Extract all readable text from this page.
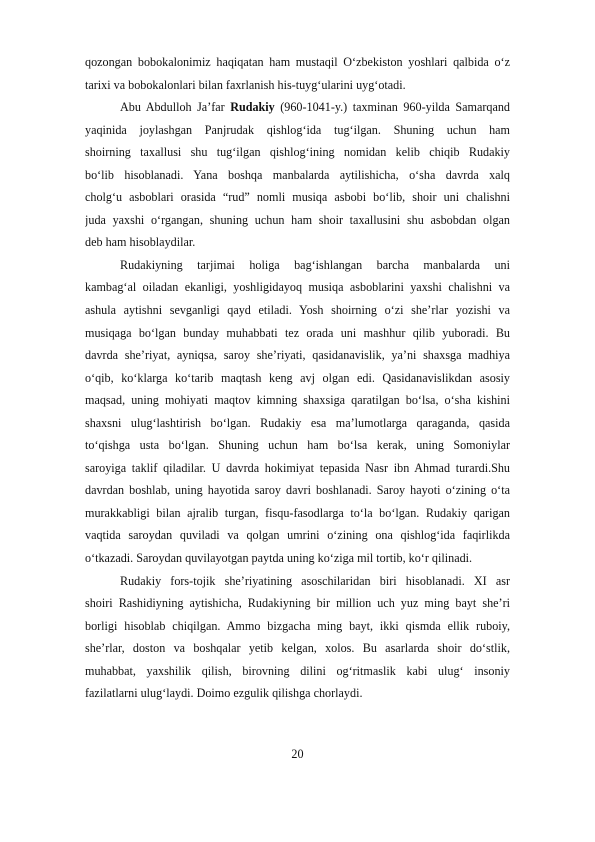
qozongan bobokalonimiz haqiqatan ham mustaqil O‘zbekiston yoshlari qalbida o‘z
tarixi va bobokalonlari bilan faxrlanish his-tuyg‘ularini uyg‘otadi.
Abu Abdulloh Ja’far Rudakiy (960-1041-y.) taxminan 960-yilda Samarqand
yaqinida joylashgan Panjrudak qishlog‘ida tug‘ilgan. Shuning uchun ham
shoirning taxallusi shu tug‘ilgan qishlog‘ining nomidan kelib chiqib Rudakiy
bo‘lib hisoblanadi. Yana boshqa manbalarda aytilishicha, o‘sha davrda xalq
cholg‘u asboblari orasida “rud” nomli musiqa asbobi bo‘lib, shoir uni chalishni
juda yaxshi o‘rgangan, shuning uchun ham shoir taxallusini shu asbobdan olgan
deb ham hisoblaydilar.
Rudakiyning tarjimai holiga bag‘ishlangan barcha manbalarda uni
kambag‘al oiladan ekanligi, yoshligidayoq musiqa asboblarini yaxshi chalishni va
ashula aytishni sevganligi qayd etiladi. Yosh shoirning o‘zi she’rlar yozishi va
musiqaga bo‘lgan bunday muhabbati tez orada uni mashhur qilib yuboradi. Bu
davrda she’riyat, ayniqsa, saroy she’riyati, qasidanavislik, ya’ni shaxsga madhiya
o‘qib, ko‘klarga ko‘tarib maqtash keng avj olgan edi. Qasidanavislikdan asosiy
maqsad, uning mohiyati maqtov kimning shaxsiga qaratilgan bo‘lsa, o‘sha kishini
shaxsni ulug‘lashtirish bo‘lgan. Rudakiy esa ma’lumotlarga qaraganda, qasida
to‘qishga usta bo‘lgan. Shuning uchun ham bo‘lsa kerak, uning Somoniylar
saroyiga taklif qiladilar. U davrda hokimiyat tepasida Nasr ibn Ahmad turardi.Shu
davrdan boshlab, uning hayotida saroy davri boshlanadi. Saroy hayoti o‘zining o‘ta
murakkabligi bilan ajralib turgan, fisqu-fasodlarga to‘la bo‘lgan. Rudakiy qarigan
vaqtida saroydan quviladi va qolgan umrini o‘zining ona qishlog‘ida faqirlikda
o‘tkazadi. Saroydan quvilayotgan paytda uning ko‘ziga mil tortib, ko‘r qilinadi.
Rudakiy fors-tojik she’riyatining asoschilaridan biri hisoblanadi. XI asr
shoiri Rashidiyning aytishicha, Rudakiyning bir million uch yuz ming bayt she’ri
borligi hisoblab chiqilgan. Ammo bizgacha ming bayt, ikki qismda ellik ruboiy,
she’rlar, doston va boshqalar yetib kelgan, xolos. Bu asarlarda shoir do‘stlik,
muhabbat, yaxshilik qilish, birovning dilini og‘ritmaslik kabi ulug‘ insoniy
fazilatlarni ulug‘laydi. Doimo ezgulik qilishga chorlaydi.
20
